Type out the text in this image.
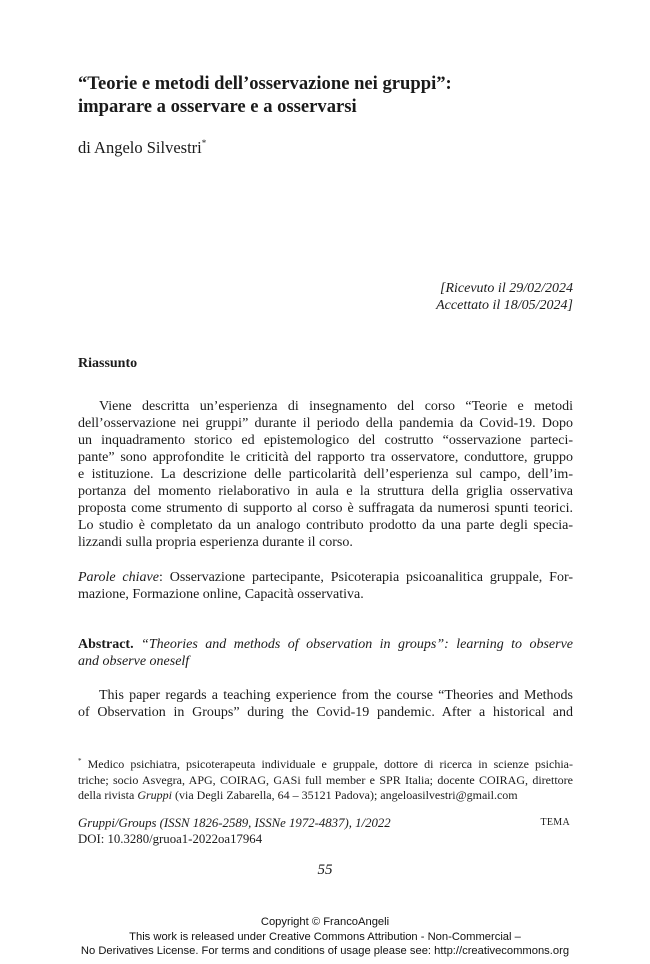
“Teorie e metodi dell’osservazione nei gruppi”:
imparare a osservare e a osservarsi
di Angelo Silvestri*
[Ricevuto il 29/02/2024
Accettato il 18/05/2024]
Riassunto
Viene descritta un’esperienza di insegnamento del corso “Teorie e metodi
dell’osservazione nei gruppi” durante il periodo della pandemia da Covid-19. Dopo
un inquadramento storico ed epistemologico del costrutto “osservazione parteci-
pante” sono approfondite le criticità del rapporto tra osservatore, conduttore, gruppo
e istituzione. La descrizione delle particolarità dell’esperienza sul campo, dell’im-
portanza del momento rielaborativo in aula e la struttura della griglia osservativa
proposta come strumento di supporto al corso è suffragata da numerosi spunti teorici.
Lo studio è completato da un analogo contributo prodotto da una parte degli specia-
lizzandi sulla propria esperienza durante il corso.
Parole chiave: Osservazione partecipante, Psicoterapia psicoanalitica gruppale, For-
mazione, Formazione online, Capacità osservativa.
Abstract. “Theories and methods of observation in groups”: learning to observe
and observe oneself
This paper regards a teaching experience from the course “Theories and Methods
of Observation in Groups” during the Covid-19 pandemic. After a historical and
* Medico psichiatra, psicoterapeuta individuale e gruppale, dottore di ricerca in scienze psichia-
triche; socio Asvegra, APG, COIRAG, GASi full member e SPR Italia; docente COIRAG, direttore
della rivista Gruppi (via Degli Zabarella, 64 – 35121 Padova); angeloasilvestri@gmail.com
Gruppi/Groups (ISSN 1826-2589, ISSNe 1972-4837), 1/2022
DOI: 10.3280/gruoa1-2022oa17964
TEMA
55
Copyright © FrancoAngeli
This work is released under Creative Commons Attribution - Non-Commercial –
No Derivatives License. For terms and conditions of usage please see: http://creativecommons.org
